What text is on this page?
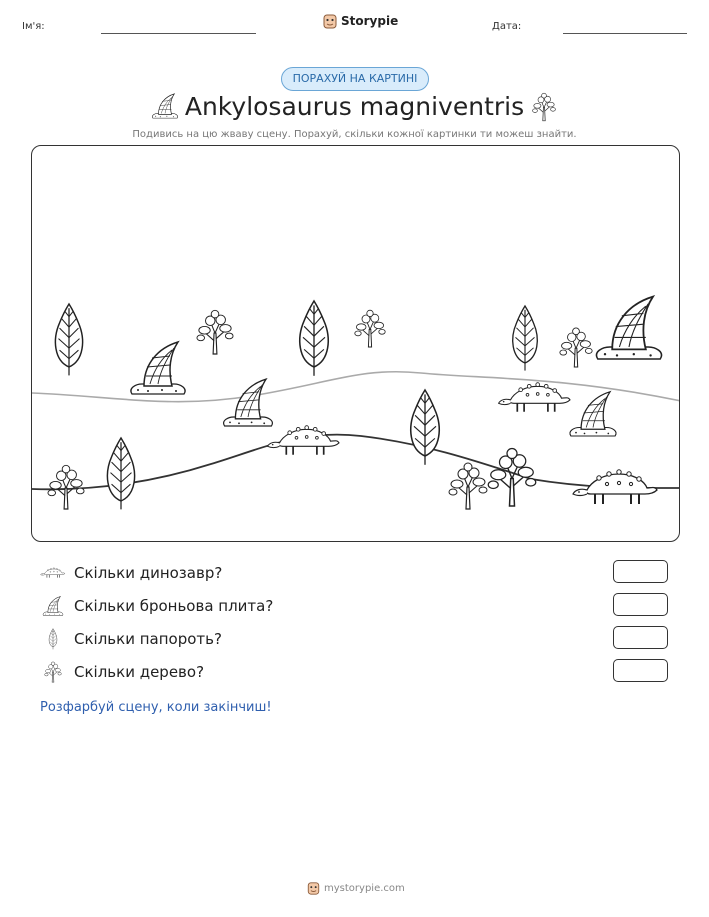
Ім'я:	Storypie	Дата:
ПОРАХУЙ НА КАРТИНІ
Ankylosaurus magniventris
Подивись на цю жваву сцену. Порахуй, скільки кожної картинки ти можеш знайти.
Скільки динозавр?
Скільки броньова плита?
Скільки папороть?
Скільки дерево?
Розфарбуй сцену, коли закінчиш!
mystorypie.com
